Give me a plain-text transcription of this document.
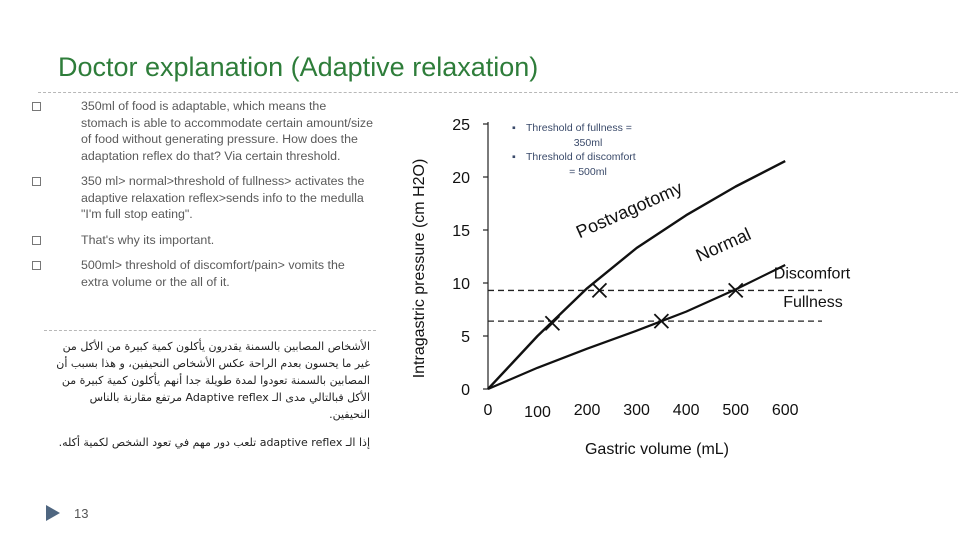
Doctor explanation (Adaptive relaxation)
350ml of food is adaptable, which means the stomach is able to accommodate certain amount/size of food without generating pressure. How does the adaptation reflex do that? Via certain threshold.
350 ml> normal>threshold of fullness> activates the adaptive relaxation reflex>sends info to the medulla "I'm full stop eating".
That's why its important.
500ml> threshold of discomfort/pain> vomits the extra volume or the all of it.
الأشخاص المصابين بالسمنة يقدرون يأكلون كمية كبيرة من الأكل من غير ما يحسون بعدم الراحة عكس الأشخاص النحيفين، و هذا بسبب أن المصابين بالسمنة تعودوا لمدة طويلة جدا أنهم يأكلون كمية كبيرة من الأكل فبالتالي مدى الـ Adaptive reflex مرتفع مقارنة بالناس النحيفين.
إذا الـ adaptive reflex تلعب دور مهم في تعود الشخص لكمية أكله.
13
0
5
10
15
20
25
0	200 300 400 500 600
100
Gastric volume (mL)
Intragastric pressure (cm H2O)	Discomfort
Fullness
Postvagotomy
Normal
▪ Threshold of fullness =
350ml
▪ Threshold of discomfort
= 500ml
